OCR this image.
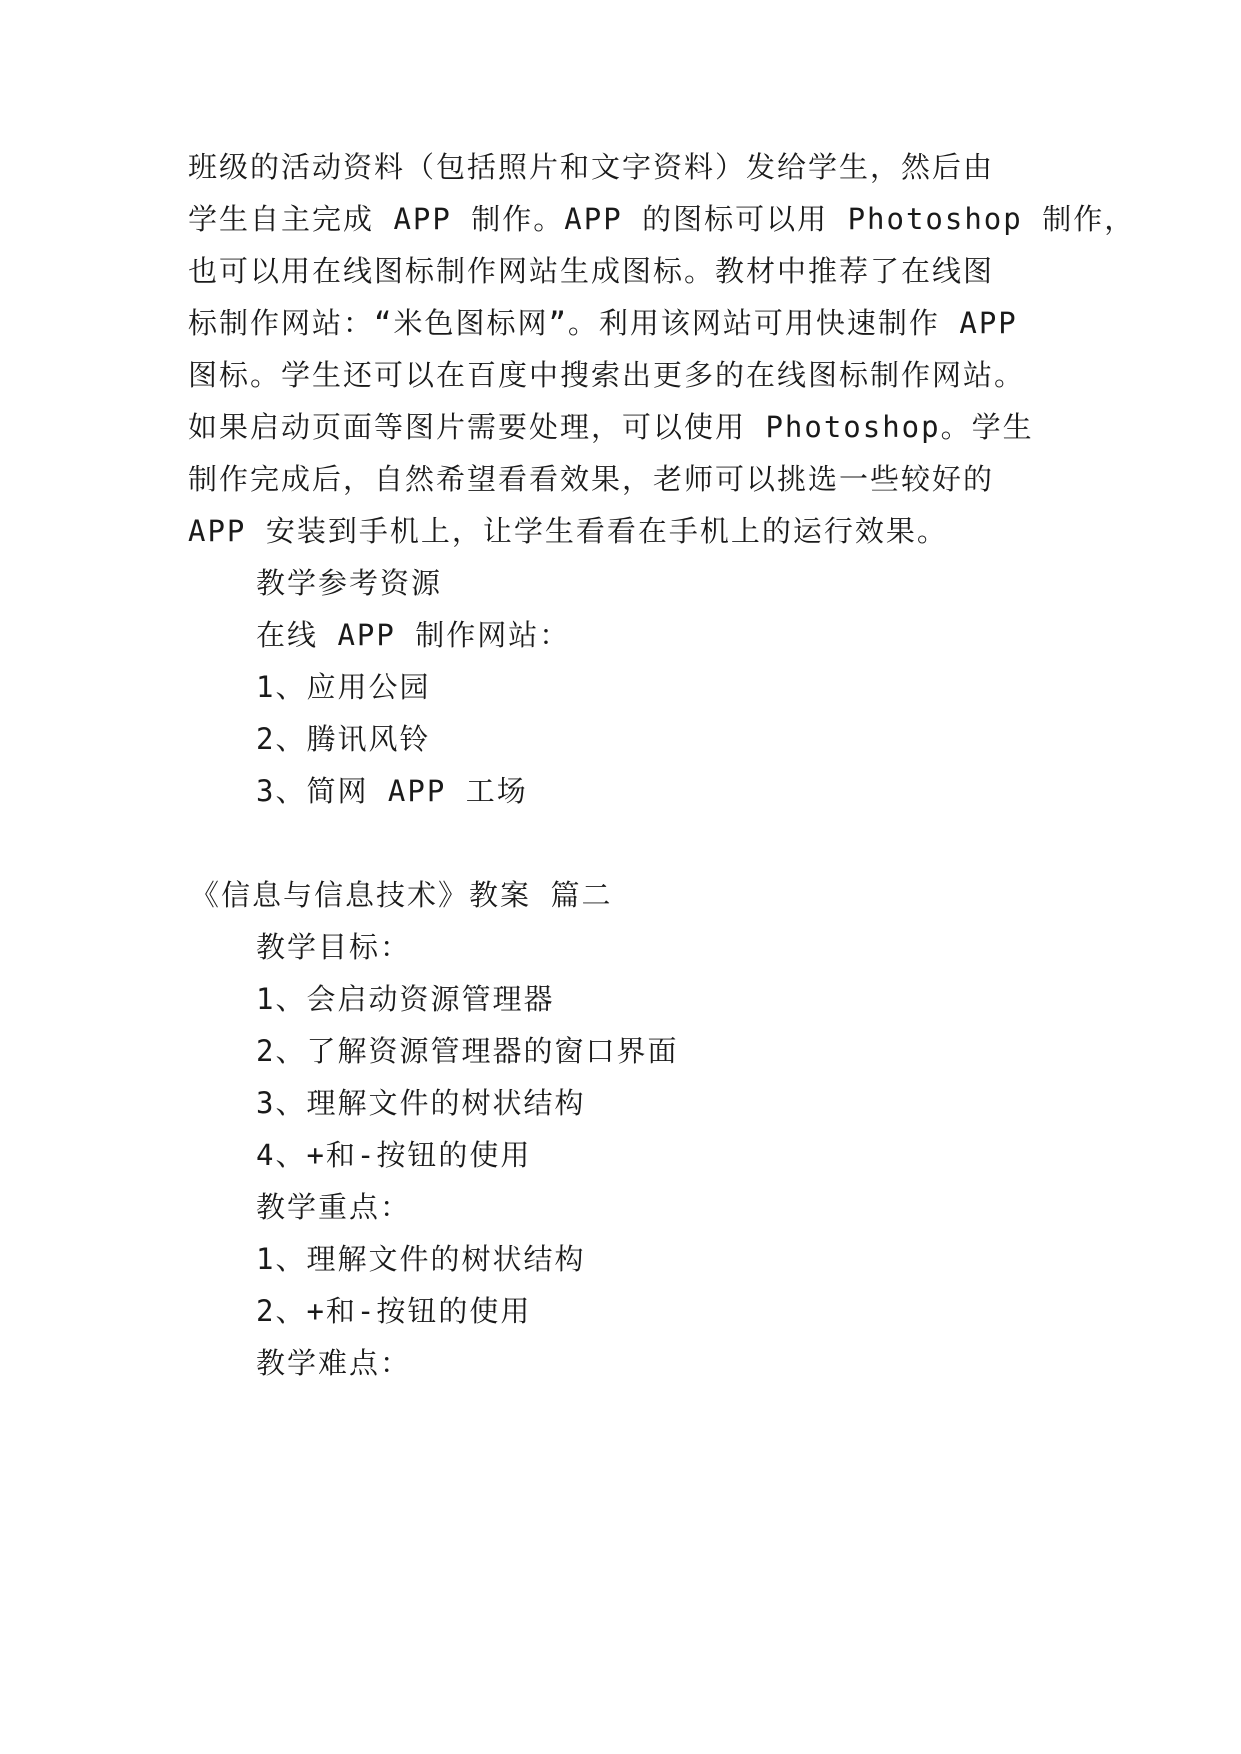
班级的活动资料（包括照片和文字资料）发给学生，然后由
学生自主完成 APP 制作。APP 的图标可以用 Photoshop 制作，
也可以用在线图标制作网站生成图标。教材中推荐了在线图
标制作网站：“米色图标网”。利用该网站可用快速制作 APP
图标。学生还可以在百度中搜索出更多的在线图标制作网站。
如果启动页面等图片需要处理，可以使用 Photoshop。学生
制作完成后，自然希望看看效果，老师可以挑选一些较好的
APP 安装到手机上，让学生看看在手机上的运行效果。
教学参考资源
在线 APP 制作网站：
1、应用公园
2、腾讯风铃
3、简网 APP 工场
《信息与信息技术》教案 篇二
教学目标：
1、会启动资源管理器
2、了解资源管理器的窗口界面
3、理解文件的树状结构
4、+和-按钮的使用
教学重点：
1、理解文件的树状结构
2、+和-按钮的使用
教学难点：
